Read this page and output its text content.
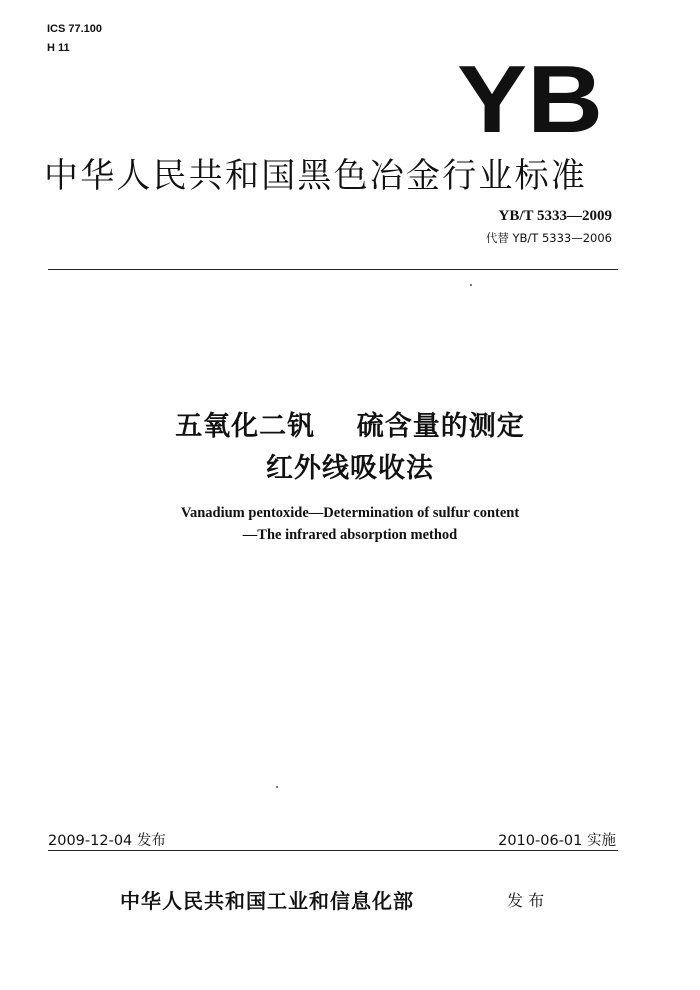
ICS 77.100
H 11	YB
中华人民共和国黑色冶金行业标准
YB/T 5333—2009
代替 YB/T 5333—2006
五氧化二钒    硫含量的测定
红外线吸收法
Vanadium pentoxide—Determination of sulfur content
—The infrared absorption method
2009-12-04 发布	2010-06-01 实施
中华人民共和国工业和信息化部	发 布
